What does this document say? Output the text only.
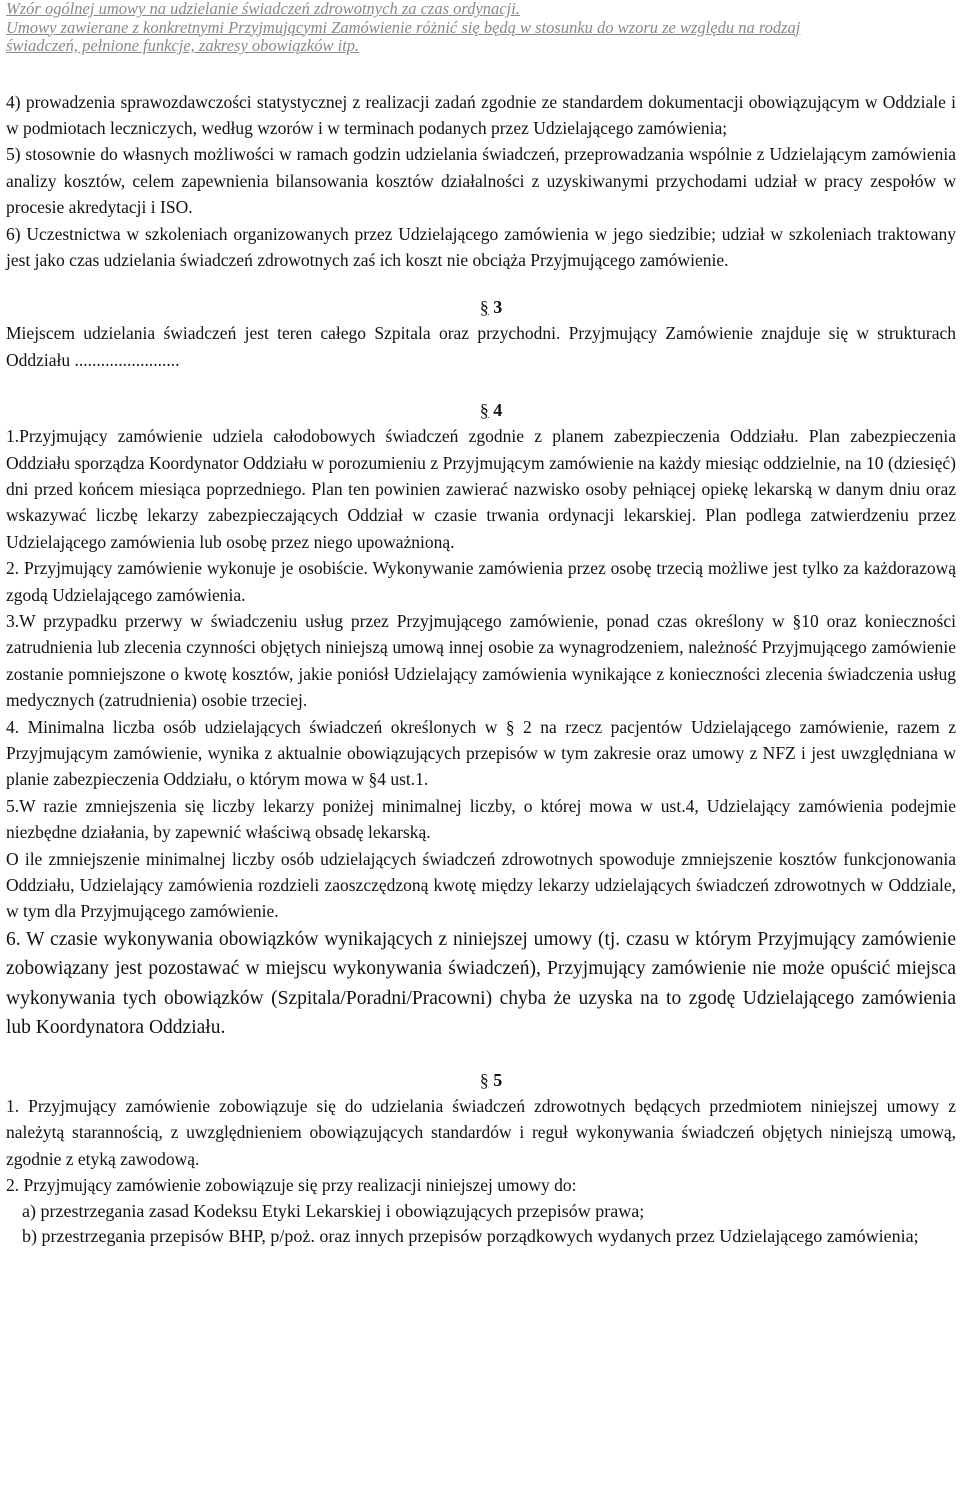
Wzór ogólnej umowy na udzielanie świadczeń zdrowotnych za czas ordynacji.
Umowy zawierane z konkretnymi Przyjmującymi Zamówienie różnić się będą w stosunku do wzoru ze względu na rodzaj
świadczeń, pełnione funkcje, zakresy obowiązków itp.

4) prowadzenia sprawozdawczości statystycznej z realizacji zadań zgodnie ze standardem dokumentacji obowiązującym w Oddziale i w podmiotach leczniczych, według wzorów i w terminach podanych przez Udzielającego zamówienia;

5) stosownie do własnych możliwości w ramach godzin udzielania świadczeń, przeprowadzania wspólnie z Udzielającym zamówienia analizy kosztów, celem zapewnienia bilansowania kosztów działalności z uzyskiwanymi przychodami udział w pracy zespołów w procesie akredytacji i ISO.

6) Uczestnictwa w szkoleniach organizowanych przez Udzielającego zamówienia w jego siedzibie; udział w szkoleniach traktowany jest jako czas udzielania świadczeń zdrowotnych zaś ich koszt nie obciąża Przyjmującego zamówienie.

§ 3

Miejscem udzielania świadczeń jest teren całego Szpitala oraz przychodni. Przyjmujący Zamówienie znajduje się w strukturach Oddziału ........................

§ 4

1.Przyjmujący zamówienie udziela całodobowych świadczeń zgodnie z planem zabezpieczenia Oddziału. Plan zabezpieczenia Oddziału sporządza Koordynator Oddziału w porozumieniu z Przyjmującym zamówienie na każdy miesiąc oddzielnie, na 10 (dziesięć) dni przed końcem miesiąca poprzedniego. Plan ten powinien zawierać nazwisko osoby pełniącej opiekę lekarską w danym dniu oraz wskazywać liczbę lekarzy zabezpieczających Oddział w czasie trwania ordynacji lekarskiej. Plan podlega zatwierdzeniu przez Udzielającego zamówienia lub osobę przez niego upoważnioną.

2. Przyjmujący zamówienie wykonuje je osobiście. Wykonywanie zamówienia przez osobę trzecią możliwe jest tylko za każdorazową zgodą Udzielającego zamówienia.

3.W przypadku przerwy w świadczeniu usług przez Przyjmującego zamówienie, ponad czas określony w §10 oraz konieczności zatrudnienia lub zlecenia czynności objętych niniejszą umową innej osobie za wynagrodzeniem, należność Przyjmującego zamówienie zostanie pomniejszone o kwotę kosztów, jakie poniósł Udzielający zamówienia wynikające z konieczności zlecenia świadczenia usług medycznych (zatrudnienia) osobie trzeciej.

4. Minimalna liczba osób udzielających świadczeń określonych w § 2 na rzecz pacjentów Udzielającego zamówienie, razem z Przyjmującym zamówienie, wynika z aktualnie obowiązujących przepisów w tym zakresie oraz umowy z NFZ i jest uwzględniana w planie zabezpieczenia Oddziału, o którym mowa w §4 ust.1.

5.W razie zmniejszenia się liczby lekarzy poniżej minimalnej liczby, o której mowa w ust.4, Udzielający zamówienia podejmie niezbędne działania, by zapewnić właściwą obsadę lekarską.

O ile zmniejszenie minimalnej liczby osób udzielających świadczeń zdrowotnych spowoduje zmniejszenie kosztów funkcjonowania Oddziału, Udzielający zamówienia rozdzieli zaoszczędzoną kwotę między lekarzy udzielających świadczeń zdrowotnych w Oddziale, w tym dla Przyjmującego zamówienie.

6. W czasie wykonywania obowiązków wynikających z niniejszej umowy (tj. czasu w którym Przyjmujący zamówienie zobowiązany jest pozostawać w miejscu wykonywania świadczeń), Przyjmujący zamówienie nie może opuścić miejsca wykonywania tych obowiązków (Szpitala/Poradni/Pracowni) chyba że uzyska na to zgodę Udzielającego zamówienia lub Koordynatora Oddziału.

§ 5

1. Przyjmujący zamówienie zobowiązuje się do udzielania świadczeń zdrowotnych będących przedmiotem niniejszej umowy z należytą starannością, z uwzględnieniem obowiązujących standardów i reguł wykonywania świadczeń objętych niniejszą umową, zgodnie z etyką zawodową.

2. Przyjmujący zamówienie zobowiązuje się przy realizacji niniejszej umowy do:

a) przestrzegania zasad Kodeksu Etyki Lekarskiej i obowiązujących przepisów prawa;

b) przestrzegania przepisów BHP, p/poż. oraz innych przepisów porządkowych wydanych przez Udzielającego zamówienia;
